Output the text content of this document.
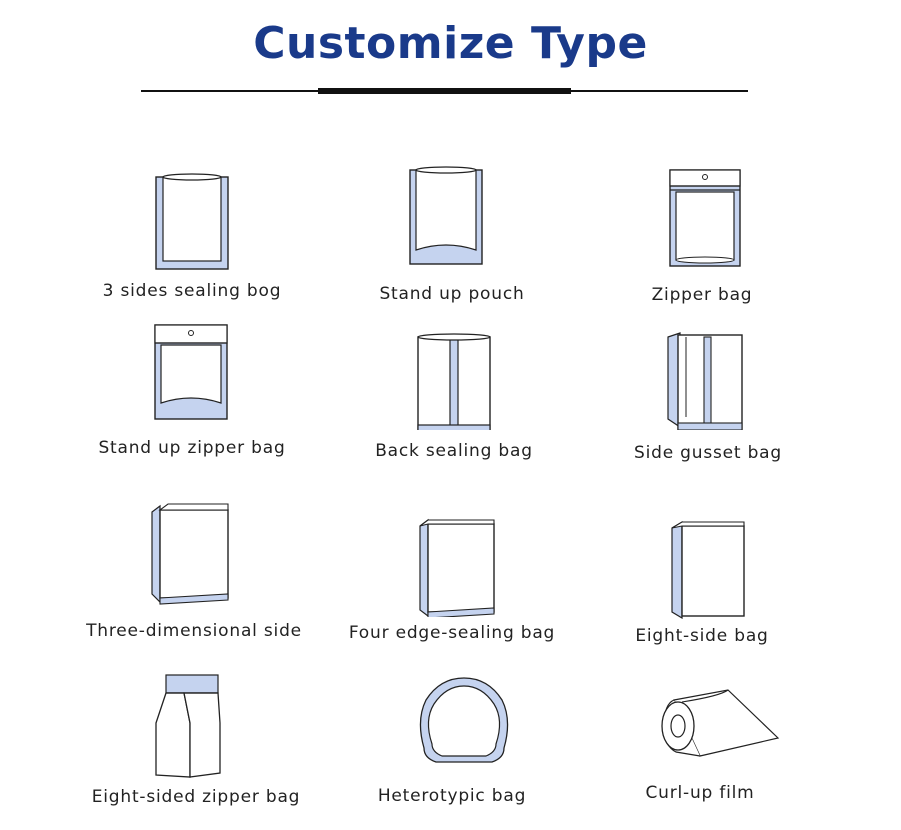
Customize Type
3 sides sealing bog	Stand up pouch	Zipper bag
Stand up zipper bag	Back sealing bag	Side gusset bag
Three-dimensional side	Four edge-sealing bag	Eight-side bag
Eight-sided zipper bag	Heterotypic bag	Curl-up film
